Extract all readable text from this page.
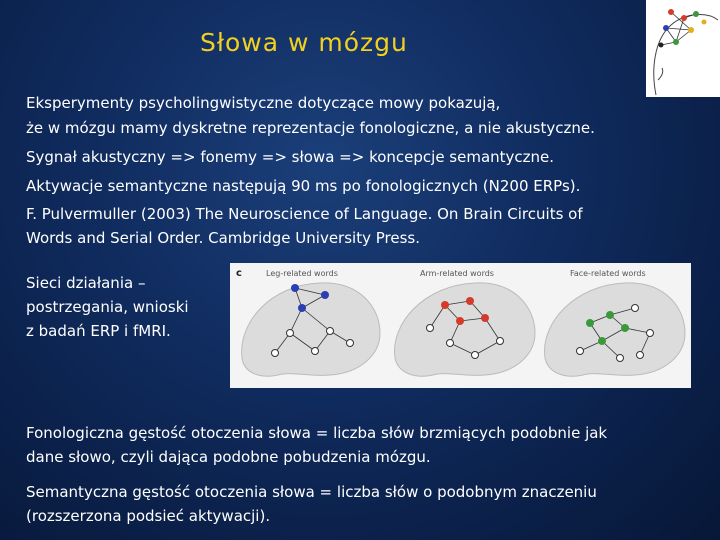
Słowa w mózgu
Eksperymenty psycholingwistyczne dotyczące mowy pokazują,
że w mózgu mamy dyskretne reprezentacje fonologiczne, a nie akustyczne.
Sygnał akustyczny => fonemy => słowa => koncepcje semantyczne.
Aktywacje semantyczne następują 90 ms po fonologicznych (N200 ERPs).
F. Pulvermuller (2003) The Neuroscience of Language. On Brain Circuits of
Words and Serial Order. Cambridge University Press.
Sieci działania –
postrzegania, wnioski
z badań ERP i fMRI.
c	Leg-related words	Arm-related words	Face-related words
Fonologiczna gęstość otoczenia słowa = liczba słów brzmiących podobnie jak
dane słowo, czyli dająca podobne pobudzenia mózgu.
Semantyczna gęstość otoczenia słowa = liczba słów o podobnym znaczeniu
(rozszerzona podsieć aktywacji).
